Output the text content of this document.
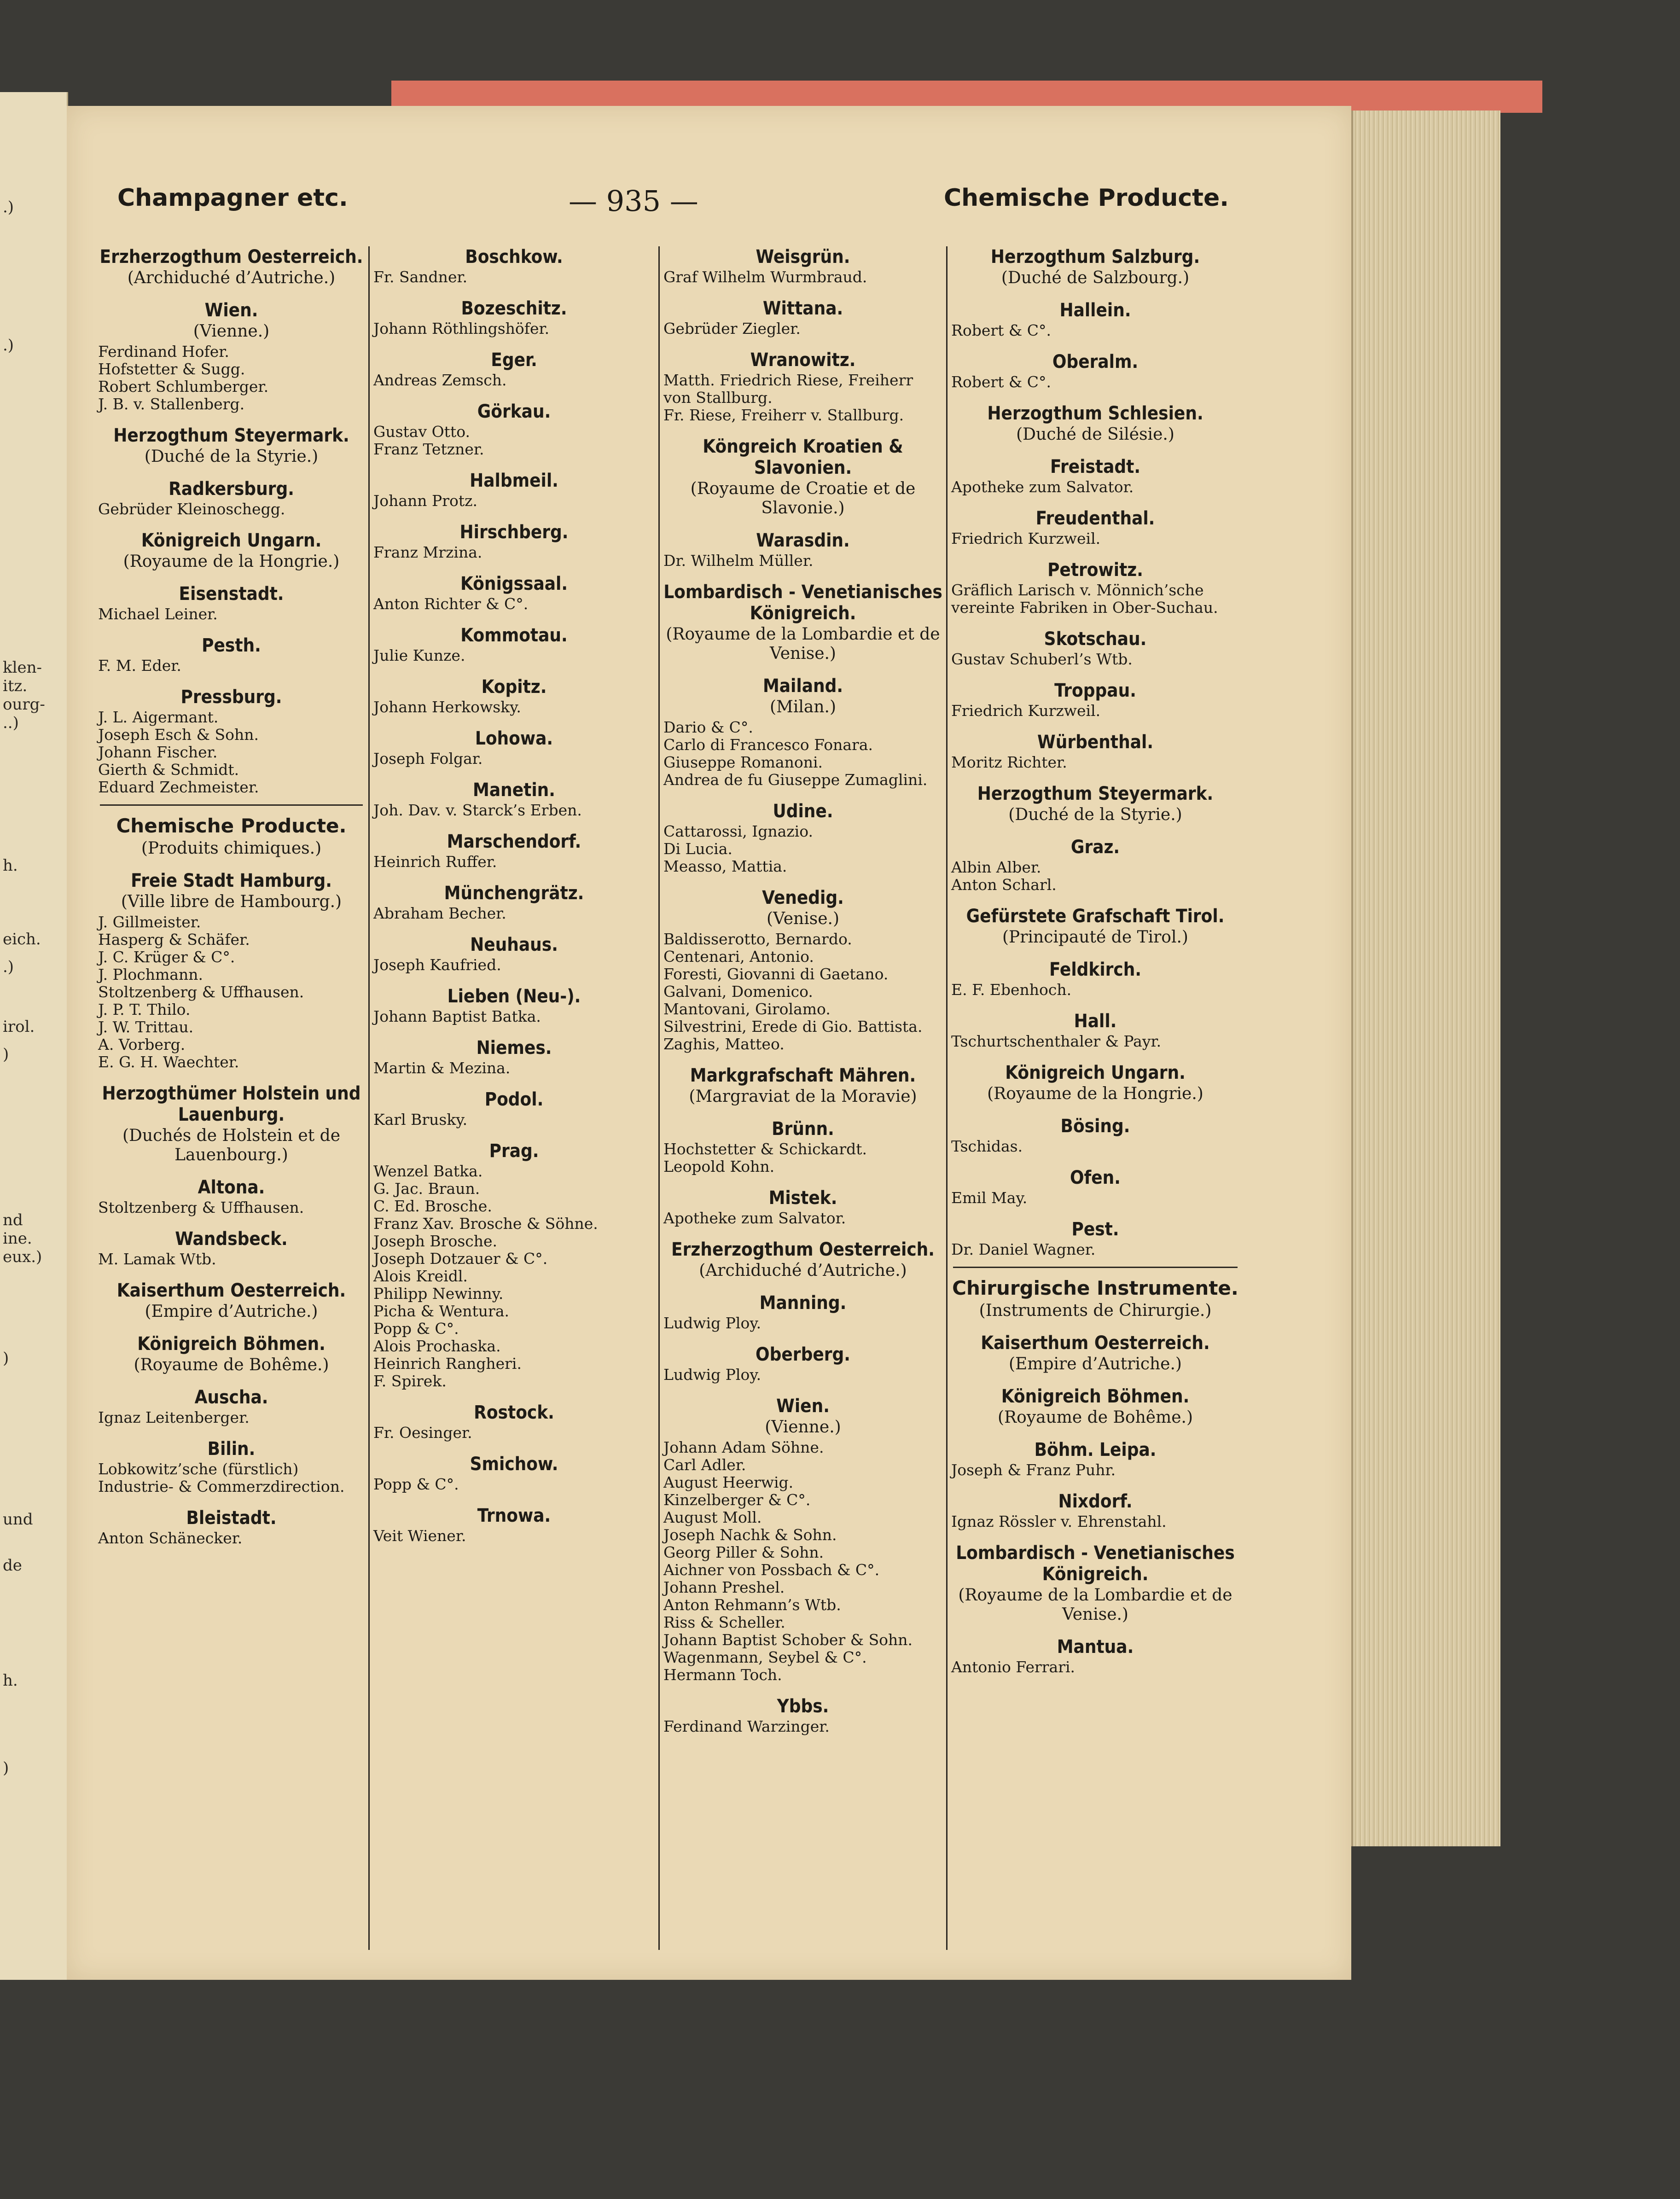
.)
.)
klen-
itz.
ourg-
..)
h.
eich.
.)
irol.
)
nd
ine.
eux.)
)
und
de
h.
)
Champagner etc.	— 935 —	Chemische Producte.
Erzherzogthum Oesterreich.
(Archiduché d’Autriche.)
Wien.
(Vienne.)
Ferdinand Hofer.
Hofstetter & Sugg.
Robert Schlumberger.
J. B. v. Stallenberg.
Herzogthum Steyermark.
(Duché de la Styrie.)
Radkersburg.
Gebrüder Kleinoschegg.
Königreich Ungarn.
(Royaume de la Hongrie.)
Eisenstadt.
Michael Leiner.
Pesth.
F. M. Eder.
Pressburg.
J. L. Aigermant.
Joseph Esch & Sohn.
Johann Fischer.
Gierth & Schmidt.
Eduard Zechmeister.
Chemische Producte.
(Produits chimiques.)
Freie Stadt Hamburg.
(Ville libre de Hambourg.)
J. Gillmeister.
Hasperg & Schäfer.
J. C. Krüger & C°.
J. Plochmann.
Stoltzenberg & Uffhausen.
J. P. T. Thilo.
J. W. Trittau.
A. Vorberg.
E. G. H. Waechter.
Herzogthümer Holstein und Lauenburg.
(Duchés de Holstein et de Lauenbourg.)
Altona.
Stoltzenberg & Uffhausen.
Wandsbeck.
M. Lamak Wtb.
Kaiserthum Oesterreich.
(Empire d’Autriche.)
Königreich Böhmen.
(Royaume de Bohême.)
Auscha.
Ignaz Leitenberger.
Bilin.
Lobkowitz’sche (fürstlich) Industrie- & Commerzdirection.
Bleistadt.
Anton Schänecker.
Boschkow.
Fr. Sandner.
Bozeschitz.
Johann Röthlingshöfer.
Eger.
Andreas Zemsch.
Görkau.
Gustav Otto.
Franz Tetzner.
Halbmeil.
Johann Protz.
Hirschberg.
Franz Mrzina.
Königssaal.
Anton Richter & C°.
Kommotau.
Julie Kunze.
Kopitz.
Johann Herkowsky.
Lohowa.
Joseph Folgar.
Manetin.
Joh. Dav. v. Starck’s Erben.
Marschendorf.
Heinrich Ruffer.
Münchengrätz.
Abraham Becher.
Neuhaus.
Joseph Kaufried.
Lieben (Neu-).
Johann Baptist Batka.
Niemes.
Martin & Mezina.
Podol.
Karl Brusky.
Prag.
Wenzel Batka.
G. Jac. Braun.
C. Ed. Brosche.
Franz Xav. Brosche & Söhne.
Joseph Brosche.
Joseph Dotzauer & C°.
Alois Kreidl.
Philipp Newinny.
Picha & Wentura.
Popp & C°.
Alois Prochaska.
Heinrich Rangheri.
F. Spirek.
Rostock.
Fr. Oesinger.
Smichow.
Popp & C°.
Trnowa.
Veit Wiener.
Weisgrün.
Graf Wilhelm Wurmbraud.
Wittana.
Gebrüder Ziegler.
Wranowitz.
Matth. Friedrich Riese, Freiherr von Stallburg.
Fr. Riese, Freiherr v. Stallburg.
Köngreich Kroatien & Slavonien.
(Royaume de Croatie et de Slavonie.)
Warasdin.
Dr. Wilhelm Müller.
Lombardisch - Venetianisches Königreich.
(Royaume de la Lombardie et de Venise.)
Mailand.
(Milan.)
Dario & C°.
Carlo di Francesco Fonara.
Giuseppe Romanoni.
Andrea de fu Giuseppe Zumaglini.
Udine.
Cattarossi, Ignazio.
Di Lucia.
Measso, Mattia.
Venedig.
(Venise.)
Baldisserotto, Bernardo.
Centenari, Antonio.
Foresti, Giovanni di Gaetano.
Galvani, Domenico.
Mantovani, Girolamo.
Silvestrini, Erede di Gio. Battista.
Zaghis, Matteo.
Markgrafschaft Mähren.
(Margraviat de la Moravie)
Brünn.
Hochstetter & Schickardt.
Leopold Kohn.
Mistek.
Apotheke zum Salvator.
Erzherzogthum Oesterreich.
(Archiduché d’Autriche.)
Manning.
Ludwig Ploy.
Oberberg.
Ludwig Ploy.
Wien.
(Vienne.)
Johann Adam Söhne.
Carl Adler.
August Heerwig.
Kinzelberger & C°.
August Moll.
Joseph Nachk & Sohn.
Georg Piller & Sohn.
Aichner von Possbach & C°.
Johann Preshel.
Anton Rehmann’s Wtb.
Riss & Scheller.
Johann Baptist Schober & Sohn.
Wagenmann, Seybel & C°.
Hermann Toch.
Ybbs.
Ferdinand Warzinger.
Herzogthum Salzburg.
(Duché de Salzbourg.)
Hallein.
Robert & C°.
Oberalm.
Robert & C°.
Herzogthum Schlesien.
(Duché de Silésie.)
Freistadt.
Apotheke zum Salvator.
Freudenthal.
Friedrich Kurzweil.
Petrowitz.
Gräflich Larisch v. Mönnich’sche vereinte Fabriken in Ober-Suchau.
Skotschau.
Gustav Schuberl’s Wtb.
Troppau.
Friedrich Kurzweil.
Würbenthal.
Moritz Richter.
Herzogthum Steyermark.
(Duché de la Styrie.)
Graz.
Albin Alber.
Anton Scharl.
Gefürstete Grafschaft Tirol.
(Principauté de Tirol.)
Feldkirch.
E. F. Ebenhoch.
Hall.
Tschurtschenthaler & Payr.
Königreich Ungarn.
(Royaume de la Hongrie.)
Bösing.
Tschidas.
Ofen.
Emil May.
Pest.
Dr. Daniel Wagner.
Chirurgische Instrumente.
(Instruments de Chirurgie.)
Kaiserthum Oesterreich.
(Empire d’Autriche.)
Königreich Böhmen.
(Royaume de Bohême.)
Böhm. Leipa.
Joseph & Franz Puhr.
Nixdorf.
Ignaz Rössler v. Ehrenstahl.
Lombardisch - Venetianisches Königreich.
(Royaume de la Lombardie et de Venise.)
Mantua.
Antonio Ferrari.
